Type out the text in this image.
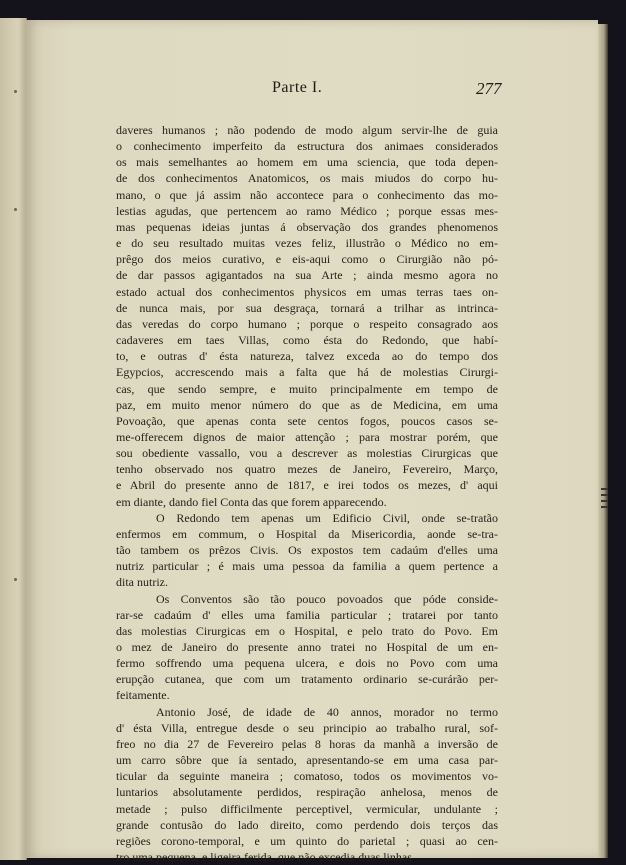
Parte I.	277

daveres humanos ; não podendo de modo algum servir-lhe de guia
o conhecimento imperfeito da estructura dos animaes considerados
os mais semelhantes ao homem em uma sciencia, que toda depen-
de dos conhecimentos Anatomicos, os mais miudos do corpo hu-
mano, o que já assim não accontece para o conhecimento das mo-
lestias agudas, que pertencem ao ramo Médico ; porque essas mes-
mas pequenas ideias juntas á observação dos grandes phenomenos
e do seu resultado muitas vezes feliz, illustrão o Médico no em-
prêgo dos meios curativo, e eis-aqui como o Cirurgião não pó-
de dar passos agigantados na sua Arte ; ainda mesmo agora no
estado actual dos conhecimentos physicos em umas terras taes on-
de nunca mais, por sua desgraça, tornará a trilhar as intrinca-
das veredas do corpo humano ; porque o respeito consagrado aos
cadaveres em taes Villas, como ésta do Redondo, que habí-
to, e outras d' ésta natureza, talvez exceda ao do tempo dos
Egypcios, accrescendo mais a falta que há de molestias Cirurgi-
cas, que sendo sempre, e muito principalmente em tempo de
paz, em muito menor número do que as de Medicina, em uma
Povoação, que apenas conta sete centos fogos, poucos casos se-
me-offerecem dignos de maior attenção ; para mostrar porém, que
sou obediente vassallo, vou a descrever as molestias Cirurgicas que
tenho observado nos quatro mezes de Janeiro, Fevereiro, Março,
e Abril do presente anno de 1817, e irei todos os mezes, d' aqui
em diante, dando fiel Conta das que forem apparecendo.

O Redondo tem apenas um Edificio Civil, onde se-tratão
enfermos em commum, o Hospital da Misericordia, aonde se-tra-
tão tambem os prêzos Civis. Os expostos tem cadaúm d'elles uma
nutriz particular ; é mais uma pessoa da familia a quem pertence a
dita nutriz.

Os Conventos são tão pouco povoados que póde conside-
rar-se cadaúm d' elles uma familia particular ; tratarei por tanto
das molestias Cirurgicas em o Hospital, e pelo trato do Povo. Em
o mez de Janeiro do presente anno tratei no Hospital de um en-
fermo soffrendo uma pequena ulcera, e dois no Povo com uma
erupção cutanea, que com um tratamento ordinario se-curárão per-
feitamente.

Antonio José, de idade de 40 annos, morador no termo
d' ésta Villa, entregue desde o seu principio ao trabalho rural, sof-
freo no dia 27 de Fevereiro pelas 8 horas da manhã a inversão de
um carro sôbre que ía sentado, apresentando-se em uma casa par-
ticular da seguinte maneira ; comatoso, todos os movimentos vo-
luntarios absolutamente perdidos, respiração anhelosa, menos de
metade ; pulso difficilmente perceptivel, vermicular, undulante ;
grande contusão do lado direito, como perdendo dois terços das
regiões corono-temporal, e um quinto do parietal ; quasi ao cen-
tro uma pequena, e ligeira ferida, que não excedia duas linhas
